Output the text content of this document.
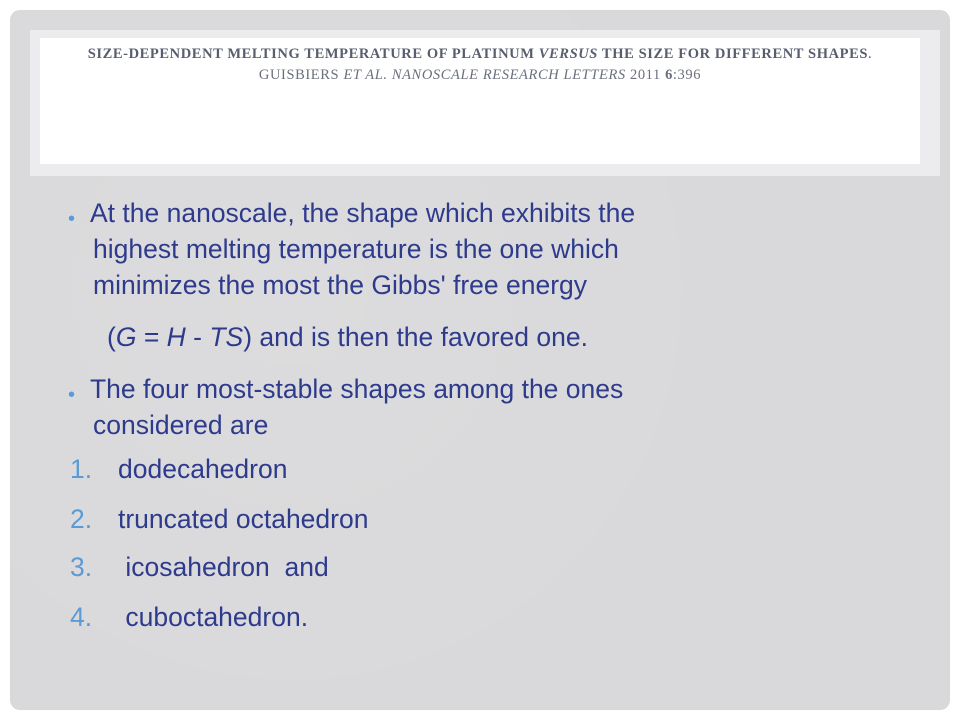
SIZE-DEPENDENT MELTING TEMPERATURE OF PLATINUM VERSUS THE SIZE FOR DIFFERENT SHAPES.
GUISBIERS ET AL. NANOSCALE RESEARCH LETTERS 2011 6:396
• At the nanoscale, the shape which exhibits the
highest melting temperature is the one which
minimizes the most the Gibbs' free energy
(G = H - TS) and is then the favored one.
• The four most-stable shapes among the ones
considered are
1. dodecahedron
2. truncated octahedron
3. icosahedron  and
4. cuboctahedron.
